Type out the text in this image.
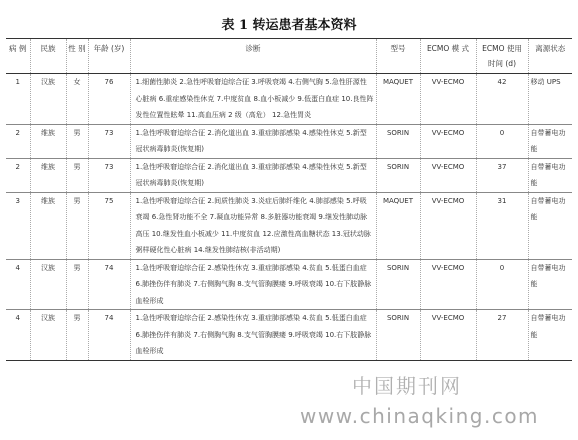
表 1 转运患者基本资料
病 例	民族	性 别	年龄 (岁)	诊断	型号	ECMO 模 式	ECMO 使用 时间 (d)	离源状态
1	汉族	女	76	1.细菌性肺炎 2.急性呼吸窘迫综合征 3.呼吸衰竭 4.右侧气胸 5.急性肝源性心脏病 6.重症感染性休克 7.中度贫血 8.血小板减少 9.低蛋白血症 10.良性阵发性位置性眩晕 11.高血压病 2 级（高危） 12.急性胃炎	MAQUET	VV-ECMO	42	移动 UPS
2	维族	男	73	1.急性呼吸窘迫综合征 2.消化道出血 3.重症肺部感染 4.感染性休克 5.新型冠状病毒肺炎(恢复期)	SORIN	VV-ECMO	0	自带蓄电功能
2	维族	男	73	1.急性呼吸窘迫综合征 2.消化道出血 3.重症肺部感染 4.感染性休克 5.新型冠状病毒肺炎(恢复期)	SORIN	VV-ECMO	37	自带蓄电功能
3	维族	男	75	1.急性呼吸窘迫综合征 2.间质性肺炎 3.炎症后肺纤维化 4.肺部感染 5.呼吸衰竭 6.急性肾功能不全 7.凝血功能异常 8.多脏器功能衰竭 9.继发性肺动脉高压 10.继发性血小板减少 11.中度贫血 12.应激性高血糖状态 13.冠状动脉粥样硬化性心脏病 14.继发性肺结核(非活动期)	MAQUET	VV-ECMO	31	自带蓄电功能
4	汉族	男	74	1.急性呼吸窘迫综合征 2.感染性休克 3.重症肺部感染 4.贫血 5.低蛋白血症 6.肺挫伤伴有肺炎 7.右侧胸气胸 8.支气管胸膜瘘 9.呼吸衰竭 10.右下肢静脉血栓形成	SORIN	VV-ECMO	0	自带蓄电功能
4	汉族	男	74	1.急性呼吸窘迫综合征 2.感染性休克 3.重症肺部感染 4.贫血 5.低蛋白血症 6.肺挫伤伴有肺炎 7.右侧胸气胸 8.支气管胸膜瘘 9.呼吸衰竭 10.右下肢静脉血栓形成	SORIN	VV-ECMO	27	自带蓄电功能
中国期刊网
www.chinaqking.com
